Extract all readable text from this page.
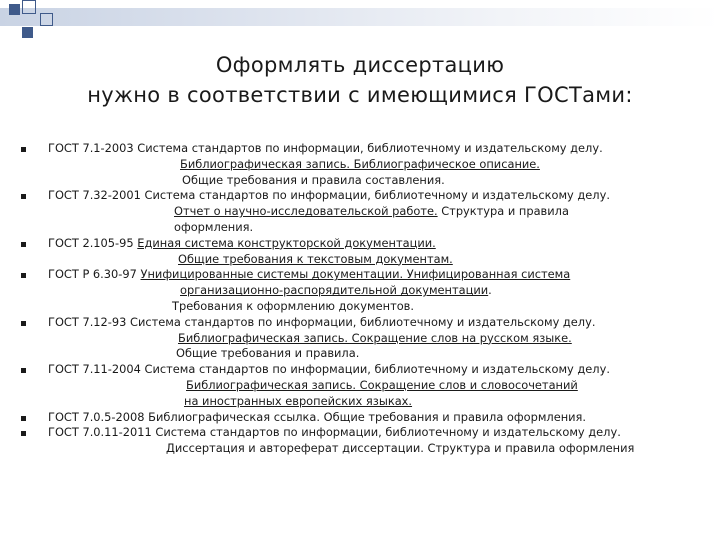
Оформлять диссертацию
нужно в соответствии с имеющимися ГОСТами:
ГОСТ 7.1-2003 Система стандартов по информации, библиотечному и издательскому делу.
Библиографическая запись. Библиографическое описание.
Общие требования и правила составления.
ГОСТ 7.32-2001 Система стандартов по информации, библиотечному и издательскому делу.
Отчет о научно-исследовательской работе. Структура и правила
оформления.
ГОСТ 2.105-95 Единая система конструкторской документации.
Общие требования к текстовым документам.
ГОСТ Р 6.30-97 Унифицированные системы документации. Унифицированная система
организационно-распорядительной документации.
Требования к оформлению документов.
ГОСТ 7.12-93 Система стандартов по информации, библиотечному и издательскому делу.
Библиографическая запись. Сокращение слов на русском языке.
Общие требования и правила.
ГОСТ 7.11-2004 Система стандартов по информации, библиотечному и издательскому делу.
Библиографическая запись. Сокращение слов и словосочетаний
на иностранных европейских языках.
ГОСТ 7.0.5-2008 Библиографическая ссылка. Общие требования и правила оформления.
ГОСТ 7.0.11-2011 Система стандартов по информации, библиотечному и издательскому делу.
Диссертация и автореферат диссертации. Структура и правила оформления
